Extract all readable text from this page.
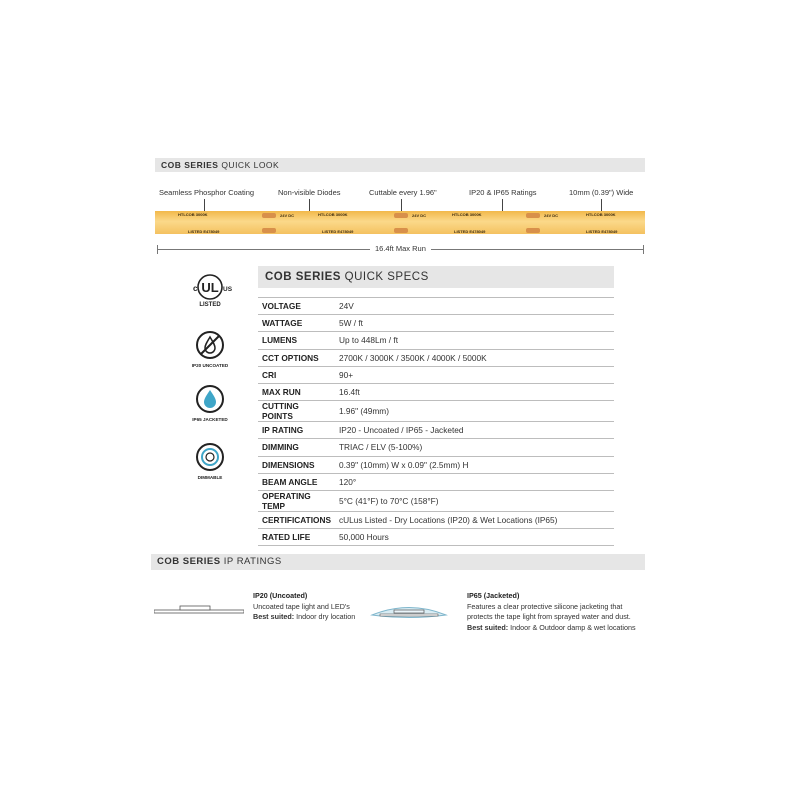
COB SERIES QUICK LOOK
Seamless Phosphor Coating	Non-visible Diodes	Cuttable every 1.96"	IP20 & IP65 Ratings	10mm (0.39") Wide
HTLCOB 3000K	HTLCOB 3000K	HTLCOB 3000K	HTLCOB 3000K
24V DC	24V DC	24V DC
LISTED E478049	LISTED E478049	LISTED E478049	LISTED E478049
16.4ft Max Run
UL
c	US
LISTED
IP20 UNCOATED
IP65 JACKETED
DIMMABLE
COB SERIES QUICK SPECS
VOLTAGE	24V
WATTAGE	5W / ft
LUMENS	Up to 448Lm / ft
CCT OPTIONS	2700K / 3000K / 3500K / 4000K / 5000K
CRI	90+
MAX RUN	16.4ft
CUTTING POINTS	1.96" (49mm)
IP RATING	IP20 - Uncoated / IP65 - Jacketed
DIMMING	TRIAC / ELV (5-100%)
DIMENSIONS	0.39" (10mm) W x 0.09" (2.5mm) H
BEAM ANGLE	120°
OPERATING TEMP	5°C (41°F) to 70°C (158°F)
CERTIFICATIONS	cULus Listed - Dry Locations (IP20) & Wet Locations (IP65)
RATED LIFE	50,000 Hours
COB SERIES IP RATINGS
IP20 (Uncoated)
Uncoated tape light and LED's
Best suited: Indoor dry location
IP65 (Jacketed)
Features a clear protective silicone jacketing that
protects the tape light from sprayed water and dust.
Best suited: Indoor & Outdoor damp & wet locations
